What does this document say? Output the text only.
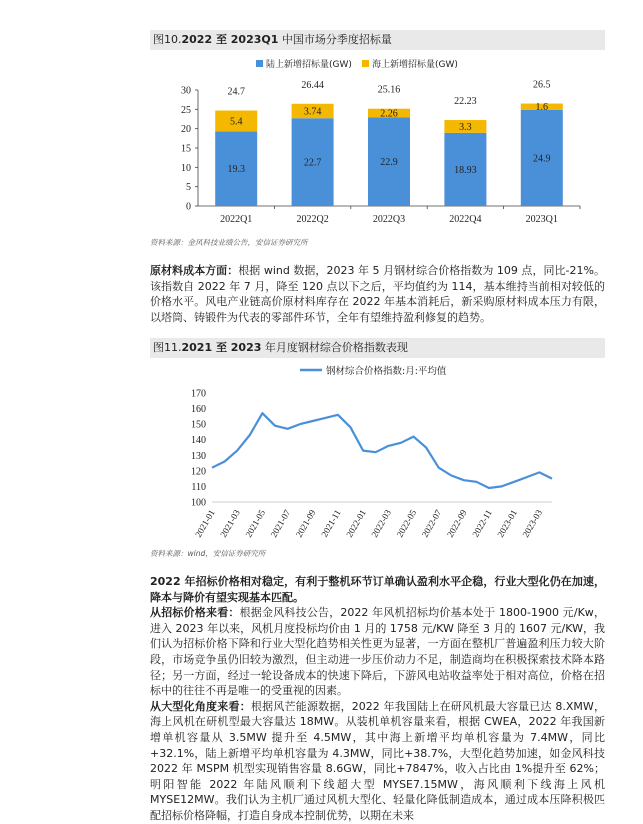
图10.2022 至 2023Q1 中国市场分季度招标量
陆上新增招标量(GW) 海上新增招标量(GW)
0
5
10
15
20
25
30
19.3
5.4
24.7
2022Q1
22.7
3.74
26.44
2022Q2
22.9
2.26
25.16
2022Q3
18.93
3.3
22.23
2022Q4
24.9
1.6
26.5
2023Q1
资料来源：金风科技业绩公告，安信证券研究所

原材料成本方面：根据 wind 数据，2023 年 5 月钢材综合价格指数为 109 点，同比-21%。该指数自 2022 年 7 月，降至 120 点以下之后，平均值约为 114，基本维持当前相对较低的价格水平。风电产业链高价原材料库存在 2022 年基本消耗后，新采购原材料成本压力有限，以塔筒、铸锻件为代表的零部件环节，全年有望维持盈利修复的趋势。

图11.2021 至 2023 年月度钢材综合价格指数表现
钢材综合价格指数:月:平均值
100
110
120
130
140
150
160
170
2021-01 2021-03 2021-05 2021-07 2021-09 2021-11 2022-01 2022-03 2022-05 2022-07 2022-09 2022-11 2023-01 2023-03
资料来源：wind，安信证券研究所

2022 年招标价格相对稳定，有利于整机环节订单确认盈利水平企稳，行业大型化仍在加速，降本与降价有望实现基本匹配。

从招标价格来看：根据金风科技公告，2022 年风机招标均价基本处于 1800-1900 元/Kw，进入 2023 年以来，风机月度投标均价由 1 月的 1758 元/KW 降至 3 月的 1607 元/KW，我们认为招标价格下降和行业大型化趋势相关性更为显著，一方面在整机厂普遍盈利压力较大阶段，市场竞争虽仍旧较为激烈，但主动进一步压价动力不足，制造商均在积极探索技术降本路径；另一方面，经过一轮设备成本的快速下降后，下游风电站收益率处于相对高位，价格在招标中的往往不再是唯一的受重视的因素。

从大型化角度来看：根据风芒能源数据，2022 年我国陆上在研风机最大容量已达 8.XMW，海上风机在研机型最大容量达 18MW。从装机单机容量来看，根据 CWEA，2022 年我国新增单机容量从 3.5MW 提升至 4.5MW，其中海上新增平均单机容量为 7.4MW，同比+32.1%，陆上新增平均单机容量为 4.3MW，同比+38.7%，大型化趋势加速，如金风科技 2022 年 MSPM 机型实现销售容量 8.6GW，同比+7847%，收入占比由 1%提升至 62%；明阳智能 2022 年陆风顺利下线超大型 MYSE7.15MW，海风顺利下线海上风机 MYSE12MW。我们认为主机厂通过风机大型化、轻量化降低制造成本，通过成本压降积极匹配招标价格降幅，打造自身成本控制优势，以期在未来
